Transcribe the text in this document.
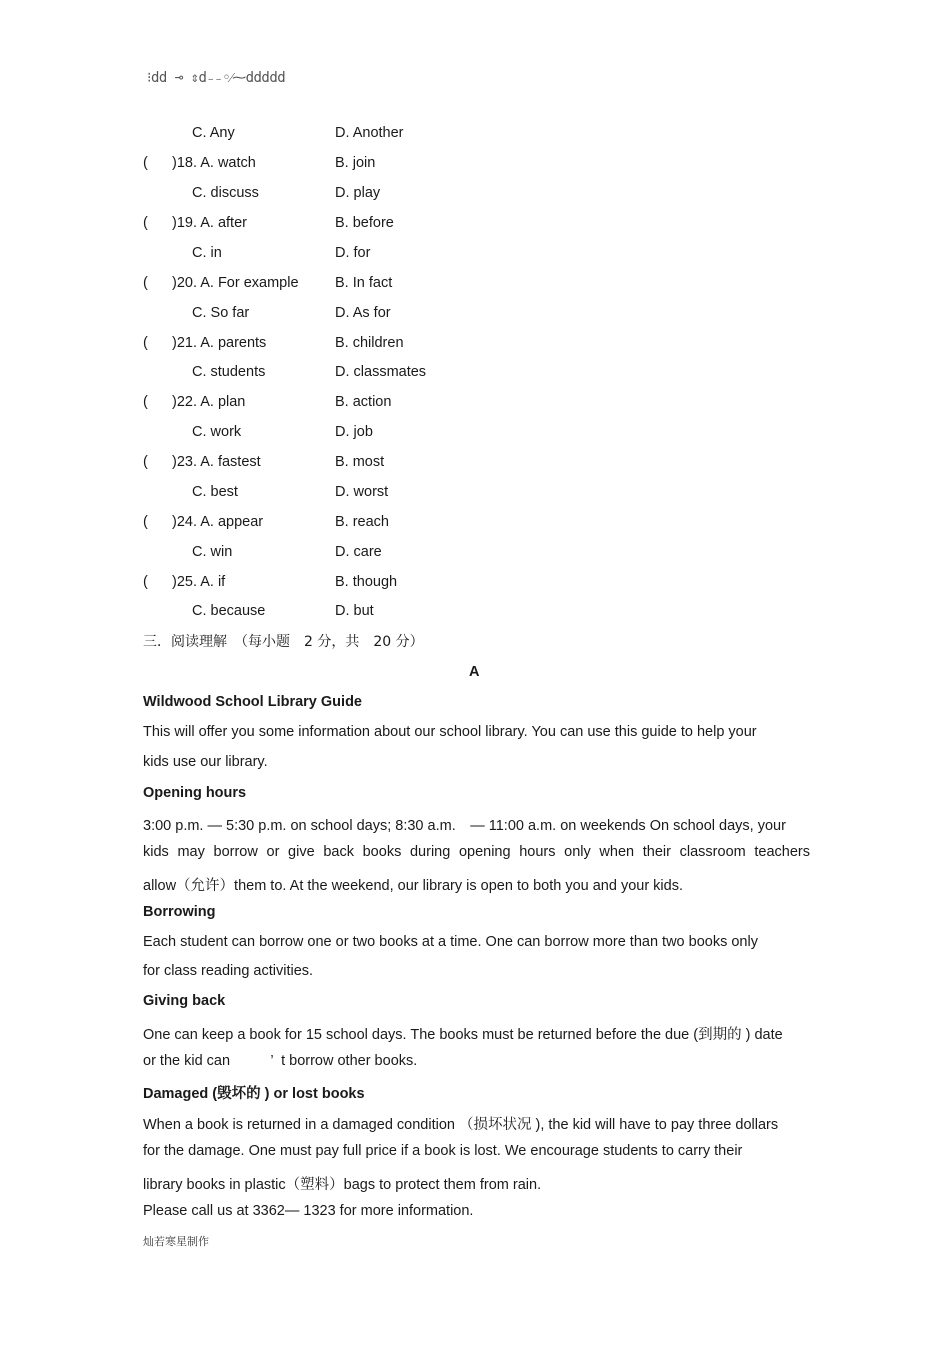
⁝dd ⊸ ⇕d₋₋◦⁄⁓ddddd
C. Any	D. Another
( )18. A. watch	B. join
C. discuss	D. play
( )19. A. after	B. before
C. in	D. for
( )20. A. For example	B. In fact
C. So far	D. As for
( )21. A. parents	B. children
C. students	D. classmates
( )22. A. plan	B. action
C. work	D. job
( )23. A. fastest	B. most
C. best	D. worst
( )24. A. appear	B. reach
C. win	D. care
( )25. A. if	B. though
C. because	D. but
三．阅读理解　（每小题　2 分，共　20 分）
A
Wildwood School Library Guide
This will offer you some information about our school library. You can use this guide to help your
kids use our library.
Opening hours
3:00 p.m. — 5:30 p.m. on school days; 8:30 a.m.　— 11:00 a.m. on weekends On school days, your
kids may borrow or give back books during opening hours only when their classroom teachers
allow（允许）them to. At the weekend, our library is open to both you and your kids.
Borrowing
Each student can borrow one or two books at a time. One can borrow more than two books only
for class reading activities.
Giving back
One can keep a book for 15 school days. The books must be returned before the due (到期的 ) date
or the kid can          ’  t borrow other books.
Damaged (毁坏的 ) or lost books
When a book is returned in a damaged condition （损坏状况 ), the kid will have to pay three dollars
for the damage. One must pay full price if a book is lost. We encourage students to carry their
library books in plastic（塑料）bags to protect them from rain.
Please call us at 3362— 1323 for more information.
灿若寒星制作
